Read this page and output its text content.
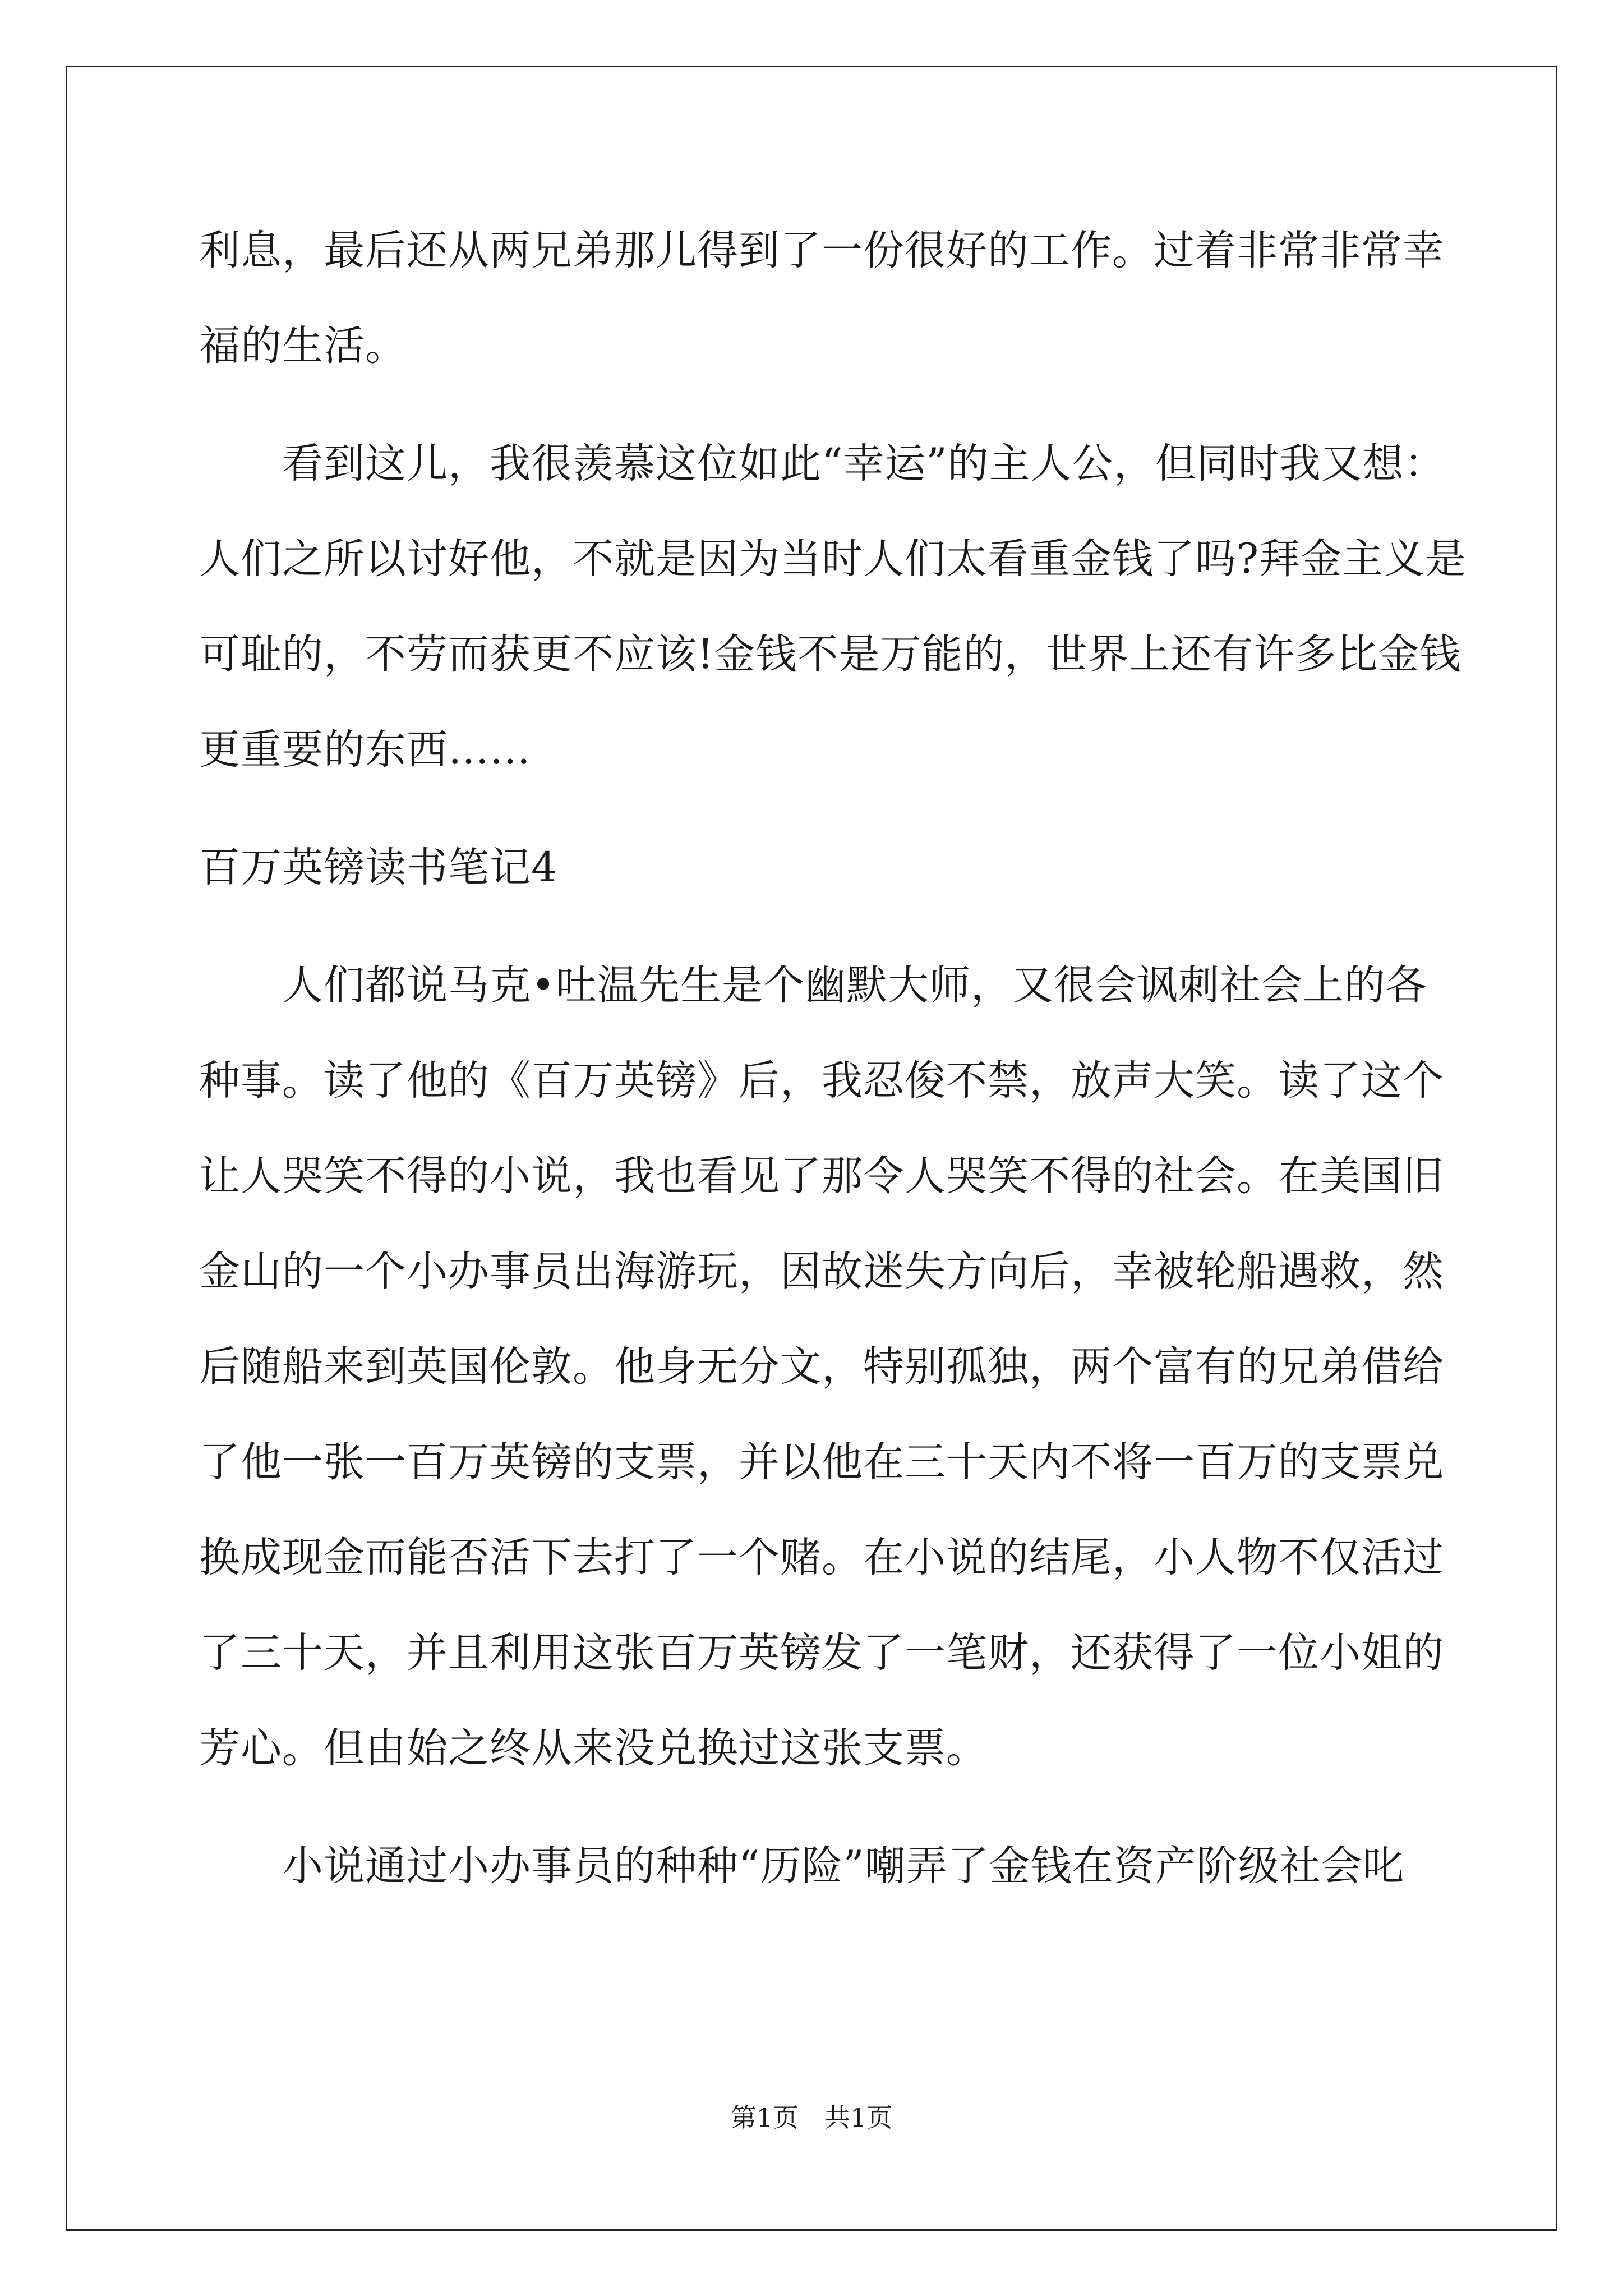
利息，最后还从两兄弟那儿得到了一份很好的工作。过着非常非常幸
福的生活。
　　看到这儿，我很羡慕这位如此“幸运”的主人公，但同时我又想：
人们之所以讨好他，不就是因为当时人们太看重金钱了吗?拜金主义是
可耻的，不劳而获更不应该!金钱不是万能的，世界上还有许多比金钱
更重要的东西……
百万英镑读书笔记4
　　人们都说马克•吐温先生是个幽默大师，又很会讽刺社会上的各
种事。读了他的《百万英镑》后，我忍俊不禁，放声大笑。读了这个
让人哭笑不得的小说，我也看见了那令人哭笑不得的社会。在美国旧
金山的一个小办事员出海游玩，因故迷失方向后，幸被轮船遇救，然
后随船来到英国伦敦。他身无分文，特别孤独，两个富有的兄弟借给
了他一张一百万英镑的支票，并以他在三十天内不将一百万的支票兑
换成现金而能否活下去打了一个赌。在小说的结尾，小人物不仅活过
了三十天，并且利用这张百万英镑发了一笔财，还获得了一位小姐的
芳心。但由始之终从来没兑换过这张支票。
　　小说通过小办事员的种种“历险”嘲弄了金钱在资产阶级社会叱
第1页　共1页
